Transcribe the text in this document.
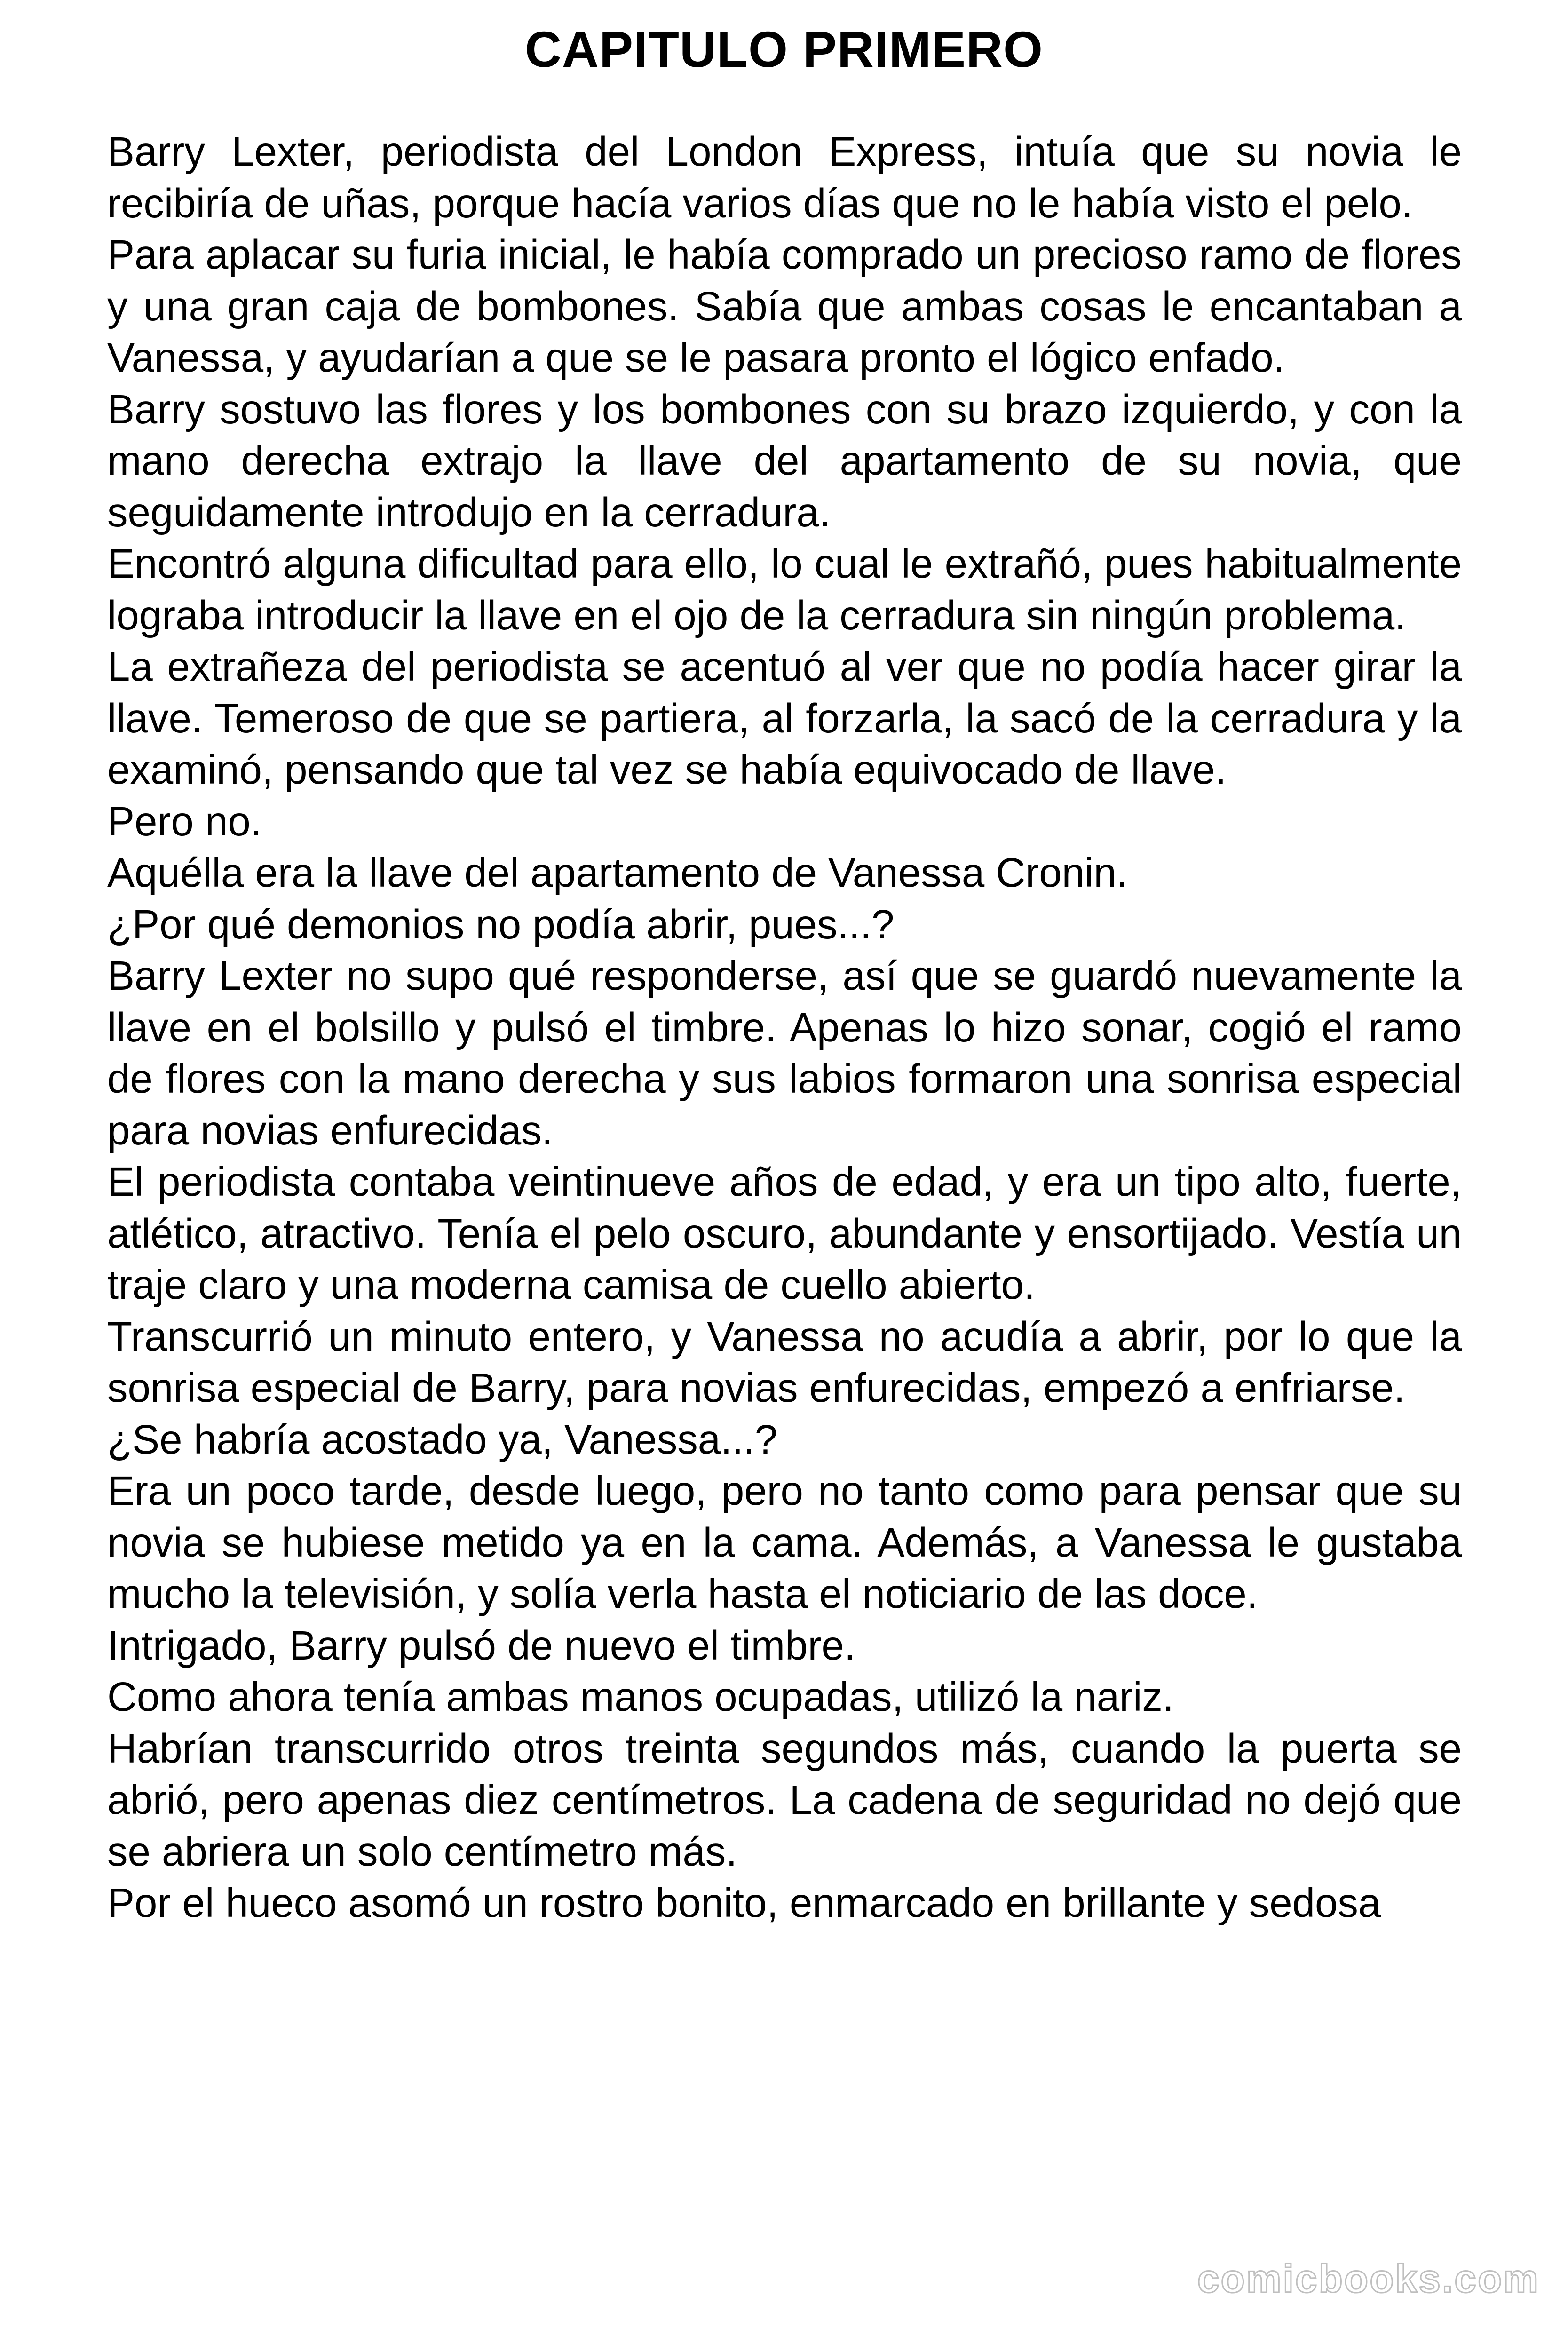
CAPITULO PRIMERO

Barry Lexter, periodista del London Express, intuía que su novia le recibiría de uñas, porque hacía varios días que no le había visto el pelo.

Para aplacar su furia inicial, le había comprado un precioso ramo de flores y una gran caja de bombones. Sabía que ambas cosas le encantaban a Vanessa, y ayudarían a que se le pasara pronto el lógico enfado.

Barry sostuvo las flores y los bombones con su brazo izquierdo, y con la mano derecha extrajo la llave del apartamento de su novia, que seguidamente introdujo en la cerradura.

Encontró alguna dificultad para ello, lo cual le extrañó, pues habitualmente lograba introducir la llave en el ojo de la cerradura sin ningún problema.

La extrañeza del periodista se acentuó al ver que no podía hacer girar la llave. Temeroso de que se partiera, al forzarla, la sacó de la cerradura y la examinó, pensando que tal vez se había equivocado de llave.

Pero no.

Aquélla era la llave del apartamento de Vanessa Cronin.

¿Por qué demonios no podía abrir, pues...?

Barry Lexter no supo qué responderse, así que se guardó nuevamente la llave en el bolsillo y pulsó el timbre. Apenas lo hizo sonar, cogió el ramo de flores con la mano derecha y sus labios formaron una sonrisa especial para novias enfurecidas.

El periodista contaba veintinueve años de edad, y era un tipo alto, fuerte, atlético, atractivo. Tenía el pelo oscuro, abundante y ensortijado. Vestía un traje claro y una moderna camisa de cuello abierto.

Transcurrió un minuto entero, y Vanessa no acudía a abrir, por lo que la sonrisa especial de Barry, para novias enfurecidas, empezó a enfriarse.

¿Se habría acostado ya, Vanessa...?

Era un poco tarde, desde luego, pero no tanto como para pensar que su novia se hubiese metido ya en la cama. Además, a Vanessa le gustaba mucho la televisión, y solía verla hasta el noticiario de las doce.

Intrigado, Barry pulsó de nuevo el timbre.

Como ahora tenía ambas manos ocupadas, utilizó la nariz.

Habrían transcurrido otros treinta segundos más, cuando la puerta se abrió, pero apenas diez centímetros. La cadena de seguridad no dejó que se abriera un solo centímetro más.

Por el hueco asomó un rostro bonito, enmarcado en brillante y sedosa

comicbooks.com
